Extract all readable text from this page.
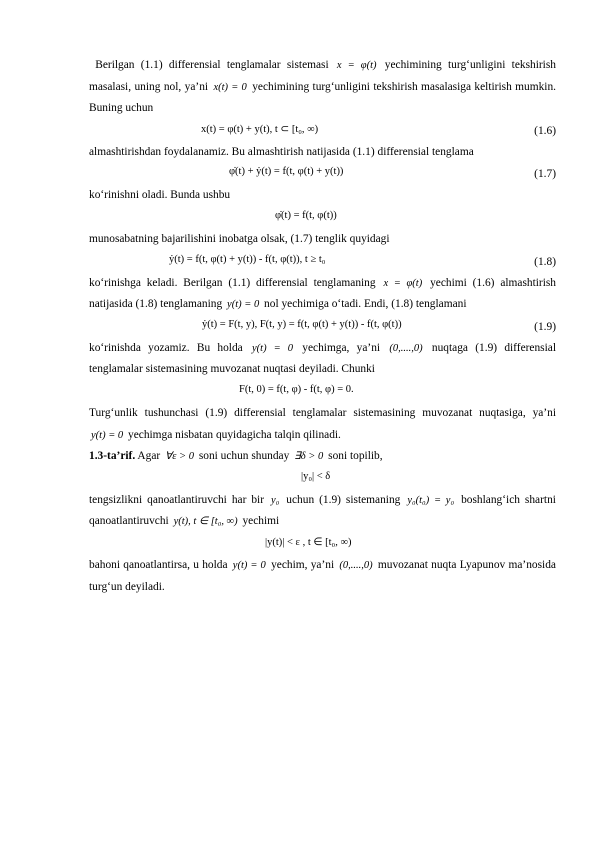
Berilgan (1.1) differensial tenglamalar sistemasi x = φ(t) yechimining turg‘unligini tekshirish masalasi, uning nol, ya’ni x(t) = 0 yechimining turg‘unligini tekshirish masalasiga keltirish mumkin. Buning uchun

x(t) = φ(t) + y(t), t ⊂ [t₀, ∞)	(1.6)

almashtirishdan foydalanamiz. Bu almashtirish natijasida (1.1) differensial tenglama

φ̇(t) + ẏ(t) = f(t, φ(t) + y(t))	(1.7)

ko‘rinishni oladi. Bunda ushbu

φ̇(t) = f(t, φ(t))

munosabatning bajarilishini inobatga olsak, (1.7) tenglik quyidagi

ẏ(t) = f(t, φ(t) + y(t)) - f(t, φ(t)), t ≥ t₀	(1.8)

ko‘rinishga keladi. Berilgan (1.1) differensial tenglamaning x = φ(t) yechimi (1.6) almashtirish natijasida (1.8) tenglamaning y(t) = 0 nol yechimiga o‘tadi. Endi, (1.8) tenglamani

ẏ(t) = F(t, y), F(t, y) = f(t, φ(t) + y(t)) - f(t, φ(t))	(1.9)

ko‘rinishda yozamiz. Bu holda y(t) = 0 yechimga, ya’ni (0,....,0) nuqtaga (1.9) differensial tenglamalar sistemasining muvozanat nuqtasi deyiladi. Chunki

F(t, 0) = f(t, φ) - f(t, φ) = 0.

Turg‘unlik tushunchasi (1.9) differensial tenglamalar sistemasining muvozanat nuqtasiga, ya’ni y(t) = 0 yechimga nisbatan quyidagicha talqin qilinadi.

1.3-ta’rif. Agar ∀ε > 0 soni uchun shunday ∃δ > 0 soni topilib,

|y₀| < δ

tengsizlikni qanoatlantiruvchi har bir y₀ uchun (1.9) sistemaning y₀(t₀) = y₀ boshlang‘ich shartni qanoatlantiruvchi y(t), t ∈ [t₀, ∞) yechimi

|y(t)| < ε , t ∈ [t₀, ∞)

bahoni qanoatlantirsa, u holda y(t) = 0 yechim, ya’ni (0,....,0) muvozanat nuqta Lyapunov ma’nosida turg‘un deyiladi.
